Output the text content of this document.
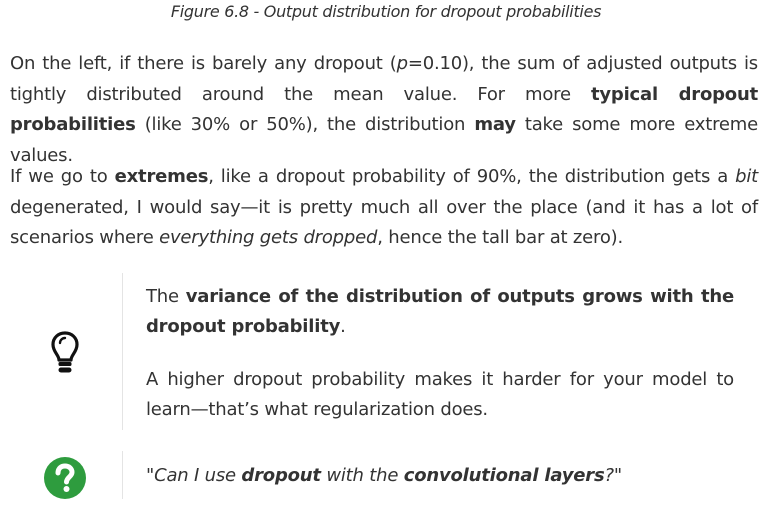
Figure 6.8 - Output distribution for dropout probabilities

On the left, if there is barely any dropout (p=0.10), the sum of adjusted outputs is tightly distributed around the mean value. For more typical dropout probabilities (like 30% or 50%), the distribution may take some more extreme values.

If we go to extremes, like a dropout probability of 90%, the distribution gets a bit degenerated, I would say—it is pretty much all over the place (and it has a lot of scenarios where everything gets dropped, hence the tall bar at zero).

The variance of the distribution of outputs grows with the dropout probability.

A higher dropout probability makes it harder for your model to learn—that’s what regularization does.

"Can I use dropout with the convolutional layers?"
